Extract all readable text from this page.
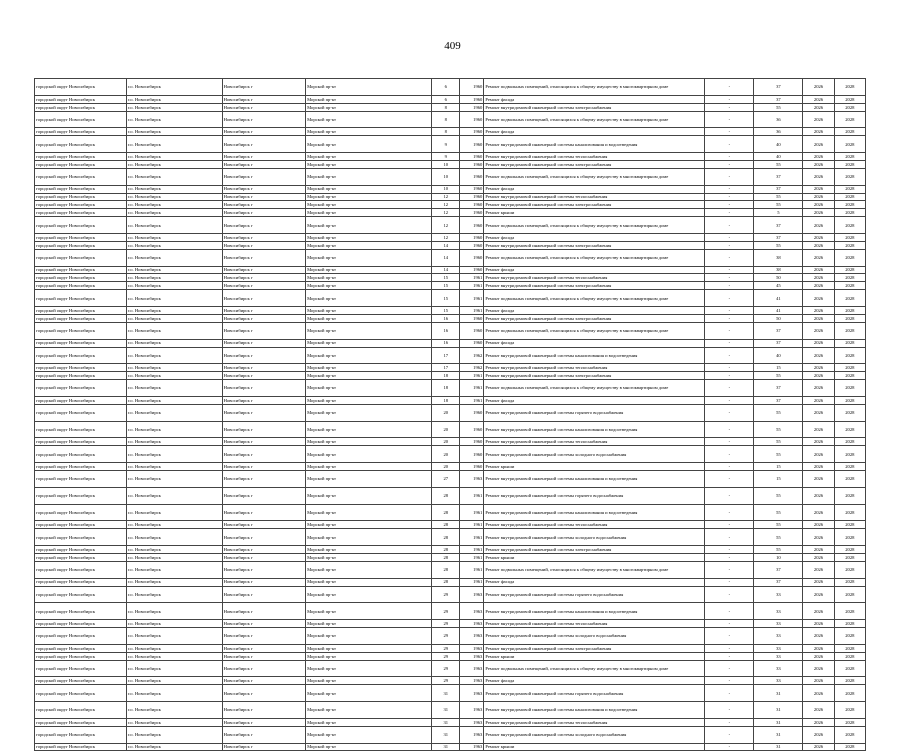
409
городской округ Новосибирск	г.о. Новосибирск	Новосибирск г	Морской пр-кт	6	1960	Ремонт подвальных помещений, относящихся к общему имуществу в многоквартирном доме	-	37	2026	2028
городской округ Новосибирск	г.о. Новосибирск	Новосибирск г	Морской пр-кт	6	1960	Ремонт фасада	-	37	2026	2028
городской округ Новосибирск	г.о. Новосибирск	Новосибирск г	Морской пр-кт	8	1960	Ремонт внутридомовой инженерной системы электроснабжения	-	55	2026	2028
городской округ Новосибирск	г.о. Новосибирск	Новосибирск г	Морской пр-кт	8	1960	Ремонт подвальных помещений, относящихся к общему имуществу в многоквартирном доме	-	36	2026	2028
городской округ Новосибирск	г.о. Новосибирск	Новосибирск г	Морской пр-кт	8	1960	Ремонт фасада	-	36	2026	2028
городской округ Новосибирск	г.о. Новосибирск	Новосибирск г	Морской пр-кт	9	1960	Ремонт внутридомовой инженерной системы канализования и водоотведения	-	40	2026	2028
городской округ Новосибирск	г.о. Новосибирск	Новосибирск г	Морской пр-кт	9	1960	Ремонт внутридомовой инженерной системы теплоснабжения	-	40	2026	2028
городской округ Новосибирск	г.о. Новосибирск	Новосибирск г	Морской пр-кт	10	1960	Ремонт внутридомовой инженерной системы электроснабжения	-	55	2026	2028
городской округ Новосибирск	г.о. Новосибирск	Новосибирск г	Морской пр-кт	10	1960	Ремонт подвальных помещений, относящихся к общему имуществу в многоквартирном доме	-	37	2026	2028
городской округ Новосибирск	г.о. Новосибирск	Новосибирск г	Морской пр-кт	10	1960	Ремонт фасада	-	37	2026	2028
городской округ Новосибирск	г.о. Новосибирск	Новосибирск г	Морской пр-кт	12	1960	Ремонт внутридомовой инженерной системы теплоснабжения	-	55	2026	2028
городской округ Новосибирск	г.о. Новосибирск	Новосибирск г	Морской пр-кт	12	1960	Ремонт внутридомовой инженерной системы электроснабжения	-	55	2026	2028
городской округ Новосибирск	г.о. Новосибирск	Новосибирск г	Морской пр-кт	12	1960	Ремонт крыши	-	5	2026	2028
городской округ Новосибирск	г.о. Новосибирск	Новосибирск г	Морской пр-кт	12	1960	Ремонт подвальных помещений, относящихся к общему имуществу в многоквартирном доме	-	37	2026	2028
городской округ Новосибирск	г.о. Новосибирск	Новосибирск г	Морской пр-кт	12	1960	Ремонт фасада	-	37	2026	2028
городской округ Новосибирск	г.о. Новосибирск	Новосибирск г	Морской пр-кт	14	1960	Ремонт внутридомовой инженерной системы электроснабжения	-	55	2026	2028
городской округ Новосибирск	г.о. Новосибирск	Новосибирск г	Морской пр-кт	14	1960	Ремонт подвальных помещений, относящихся к общему имуществу в многоквартирном доме	-	38	2026	2028
городской округ Новосибирск	г.о. Новосибирск	Новосибирск г	Морской пр-кт	14	1960	Ремонт фасада	-	38	2026	2028
городской округ Новосибирск	г.о. Новосибирск	Новосибирск г	Морской пр-кт	15	1961	Ремонт внутридомовой инженерной системы теплоснабжения	-	50	2026	2028
городской округ Новосибирск	г.о. Новосибирск	Новосибирск г	Морской пр-кт	15	1961	Ремонт внутридомовой инженерной системы электроснабжения	-	45	2026	2028
городской округ Новосибирск	г.о. Новосибирск	Новосибирск г	Морской пр-кт	15	1961	Ремонт подвальных помещений, относящихся к общему имуществу в многоквартирном доме	-	41	2026	2028
городской округ Новосибирск	г.о. Новосибирск	Новосибирск г	Морской пр-кт	15	1961	Ремонт фасада	-	41	2026	2028
городской округ Новосибирск	г.о. Новосибирск	Новосибирск г	Морской пр-кт	16	1960	Ремонт внутридомовой инженерной системы электроснабжения	-	50	2026	2028
городской округ Новосибирск	г.о. Новосибирск	Новосибирск г	Морской пр-кт	16	1960	Ремонт подвальных помещений, относящихся к общему имуществу в многоквартирном доме	-	37	2026	2028
городской округ Новосибирск	г.о. Новосибирск	Новосибирск г	Морской пр-кт	16	1960	Ремонт фасада	-	37	2026	2028
городской округ Новосибирск	г.о. Новосибирск	Новосибирск г	Морской пр-кт	17	1962	Ремонт внутридомовой инженерной системы канализования и водоотведения	-	40	2026	2028
городской округ Новосибирск	г.о. Новосибирск	Новосибирск г	Морской пр-кт	17	1962	Ремонт внутридомовой инженерной системы теплоснабжения	-	15	2026	2028
городской округ Новосибирск	г.о. Новосибирск	Новосибирск г	Морской пр-кт	18	1961	Ремонт внутридомовой инженерной системы электроснабжения	-	55	2026	2028
городской округ Новосибирск	г.о. Новосибирск	Новосибирск г	Морской пр-кт	18	1961	Ремонт подвальных помещений, относящихся к общему имуществу в многоквартирном доме	-	37	2026	2028
городской округ Новосибирск	г.о. Новосибирск	Новосибирск г	Морской пр-кт	18	1961	Ремонт фасада	-	37	2026	2028
городской округ Новосибирск	г.о. Новосибирск	Новосибирск г	Морской пр-кт	20	1960	Ремонт внутридомовой инженерной системы горячего водоснабжения	-	55	2026	2028
городской округ Новосибирск	г.о. Новосибирск	Новосибирск г	Морской пр-кт	20	1960	Ремонт внутридомовой инженерной системы канализования и водоотведения	-	55	2026	2028
городской округ Новосибирск	г.о. Новосибирск	Новосибирск г	Морской пр-кт	20	1960	Ремонт внутридомовой инженерной системы теплоснабжения	-	55	2026	2028
городской округ Новосибирск	г.о. Новосибирск	Новосибирск г	Морской пр-кт	20	1960	Ремонт внутридомовой инженерной системы холодного водоснабжения	-	55	2026	2028
городской округ Новосибирск	г.о. Новосибирск	Новосибирск г	Морской пр-кт	20	1960	Ремонт крыши	-	15	2026	2028
городской округ Новосибирск	г.о. Новосибирск	Новосибирск г	Морской пр-кт	27	1963	Ремонт внутридомовой инженерной системы канализования и водоотведения	-	15	2026	2028
городской округ Новосибирск	г.о. Новосибирск	Новосибирск г	Морской пр-кт	28	1961	Ремонт внутридомовой инженерной системы горячего водоснабжения	-	55	2026	2028
городской округ Новосибирск	г.о. Новосибирск	Новосибирск г	Морской пр-кт	28	1961	Ремонт внутридомовой инженерной системы канализования и водоотведения	-	55	2026	2028
городской округ Новосибирск	г.о. Новосибирск	Новосибирск г	Морской пр-кт	28	1961	Ремонт внутридомовой инженерной системы теплоснабжения	-	55	2026	2028
городской округ Новосибирск	г.о. Новосибирск	Новосибирск г	Морской пр-кт	28	1961	Ремонт внутридомовой инженерной системы холодного водоснабжения	-	55	2026	2028
городской округ Новосибирск	г.о. Новосибирск	Новосибирск г	Морской пр-кт	28	1961	Ремонт внутридомовой инженерной системы электроснабжения	-	55	2026	2028
городской округ Новосибирск	г.о. Новосибирск	Новосибирск г	Морской пр-кт	28	1961	Ремонт крыши	-	10	2026	2028
городской округ Новосибирск	г.о. Новосибирск	Новосибирск г	Морской пр-кт	28	1961	Ремонт подвальных помещений, относящихся к общему имуществу в многоквартирном доме	-	37	2026	2028
городской округ Новосибирск	г.о. Новосибирск	Новосибирск г	Морской пр-кт	28	1961	Ремонт фасада	-	37	2026	2028
городской округ Новосибирск	г.о. Новосибирск	Новосибирск г	Морской пр-кт	29	1963	Ремонт внутридомовой инженерной системы горячего водоснабжения	-	33	2026	2028
городской округ Новосибирск	г.о. Новосибирск	Новосибирск г	Морской пр-кт	29	1963	Ремонт внутридомовой инженерной системы канализования и водоотведения	-	33	2026	2028
городской округ Новосибирск	г.о. Новосибирск	Новосибирск г	Морской пр-кт	29	1963	Ремонт внутридомовой инженерной системы теплоснабжения	-	33	2026	2028
городской округ Новосибирск	г.о. Новосибирск	Новосибирск г	Морской пр-кт	29	1963	Ремонт внутридомовой инженерной системы холодного водоснабжения	-	33	2026	2028
городской округ Новосибирск	г.о. Новосибирск	Новосибирск г	Морской пр-кт	29	1963	Ремонт внутридомовой инженерной системы электроснабжения	-	33	2026	2028
городской округ Новосибирск	г.о. Новосибирск	Новосибирск г	Морской пр-кт	29	1963	Ремонт крыши	-	33	2026	2028
городской округ Новосибирск	г.о. Новосибирск	Новосибирск г	Морской пр-кт	29	1963	Ремонт подвальных помещений, относящихся к общему имуществу в многоквартирном доме	-	33	2026	2028
городской округ Новосибирск	г.о. Новосибирск	Новосибирск г	Морской пр-кт	29	1963	Ремонт фасада	-	33	2026	2028
городской округ Новосибирск	г.о. Новосибирск	Новосибирск г	Морской пр-кт	31	1963	Ремонт внутридомовой инженерной системы горячего водоснабжения	-	31	2026	2028
городской округ Новосибирск	г.о. Новосибирск	Новосибирск г	Морской пр-кт	31	1963	Ремонт внутридомовой инженерной системы канализования и водоотведения	-	31	2026	2028
городской округ Новосибирск	г.о. Новосибирск	Новосибирск г	Морской пр-кт	31	1963	Ремонт внутридомовой инженерной системы теплоснабжения	-	31	2026	2028
городской округ Новосибирск	г.о. Новосибирск	Новосибирск г	Морской пр-кт	31	1963	Ремонт внутридомовой инженерной системы холодного водоснабжения	-	31	2026	2028
городской округ Новосибирск	г.о. Новосибирск	Новосибирск г	Морской пр-кт	31	1963	Ремонт крыши	-	31	2026	2028
